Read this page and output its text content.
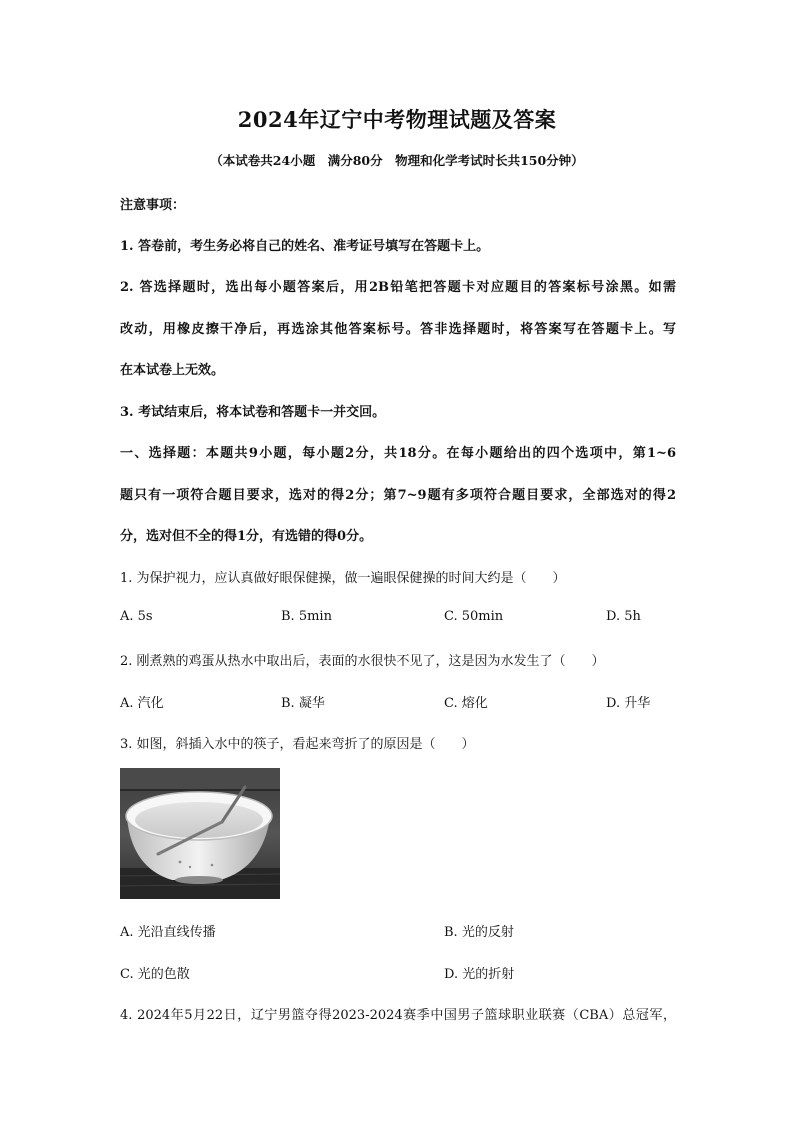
2024年辽宁中考物理试题及答案
（本试卷共24小题　满分80分　物理和化学考试时长共150分钟）
注意事项：
1. 答卷前，考生务必将自己的姓名、准考证号填写在答题卡上。
2. 答选择题时，选出每小题答案后，用2B铅笔把答题卡对应题目的答案标号涂黑。如需
改动，用橡皮擦干净后，再选涂其他答案标号。答非选择题时，将答案写在答题卡上。写
在本试卷上无效。
3. 考试结束后，将本试卷和答题卡一并交回。
一、选择题：本题共9小题，每小题2分，共18分。在每小题给出的四个选项中，第1~6
题只有一项符合题目要求，选对的得2分；第7~9题有多项符合题目要求，全部选对的得2
分，选对但不全的得1分，有选错的得0分。
1. 为保护视力，应认真做好眼保健操，做一遍眼保健操的时间大约是（　　）
A. 5s	B. 5min	C. 50min	D. 5h
2. 刚煮熟的鸡蛋从热水中取出后，表面的水很快不见了，这是因为水发生了（　　）
A. 汽化	B. 凝华	C. 熔化	D. 升华
3. 如图，斜插入水中的筷子，看起来弯折了的原因是（　　）
A. 光沿直线传播	B. 光的反射
C. 光的色散	D. 光的折射
4. 2024年5月22日，辽宁男篮夺得2023-2024赛季中国男子篮球职业联赛（CBA）总冠军，
